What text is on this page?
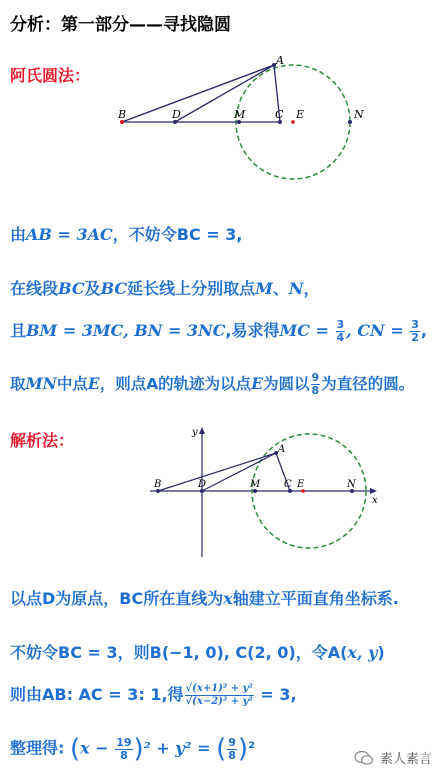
分析：第一部分——寻找隐圆
阿氏圆法：
A
B	D	M	C E	N
由AB = 3AC，不妨令BC = 3,
在线段BC及BC延长线上分别取点M、N，
且BM = 3MC, BN = 3NC,易求得MC = $\frac{3}{4}$ , CN = $\frac{3}{2}$ ,
取MN中点E，则点A的轨迹为以点E为圆以 $\frac{9}{8}$ 为直径的圆。
解析法：	y
x
A
B	D	M C E	N
以点D为原点，BC所在直线为x轴建立平面直角坐标系.
不妨令BC = 3，则B(−1, 0), C(2, 0)，令A(x, y)
则由AB: AC = 3: 1,得 $\frac{\text{√(x+1)² + y²}}{\text{√(x−2)² + y²}} = 3$,
整理得: $(x - \frac{19}{8} )^2 + y^2$ = ( $\frac{9}{8} )^2$
素人素言
